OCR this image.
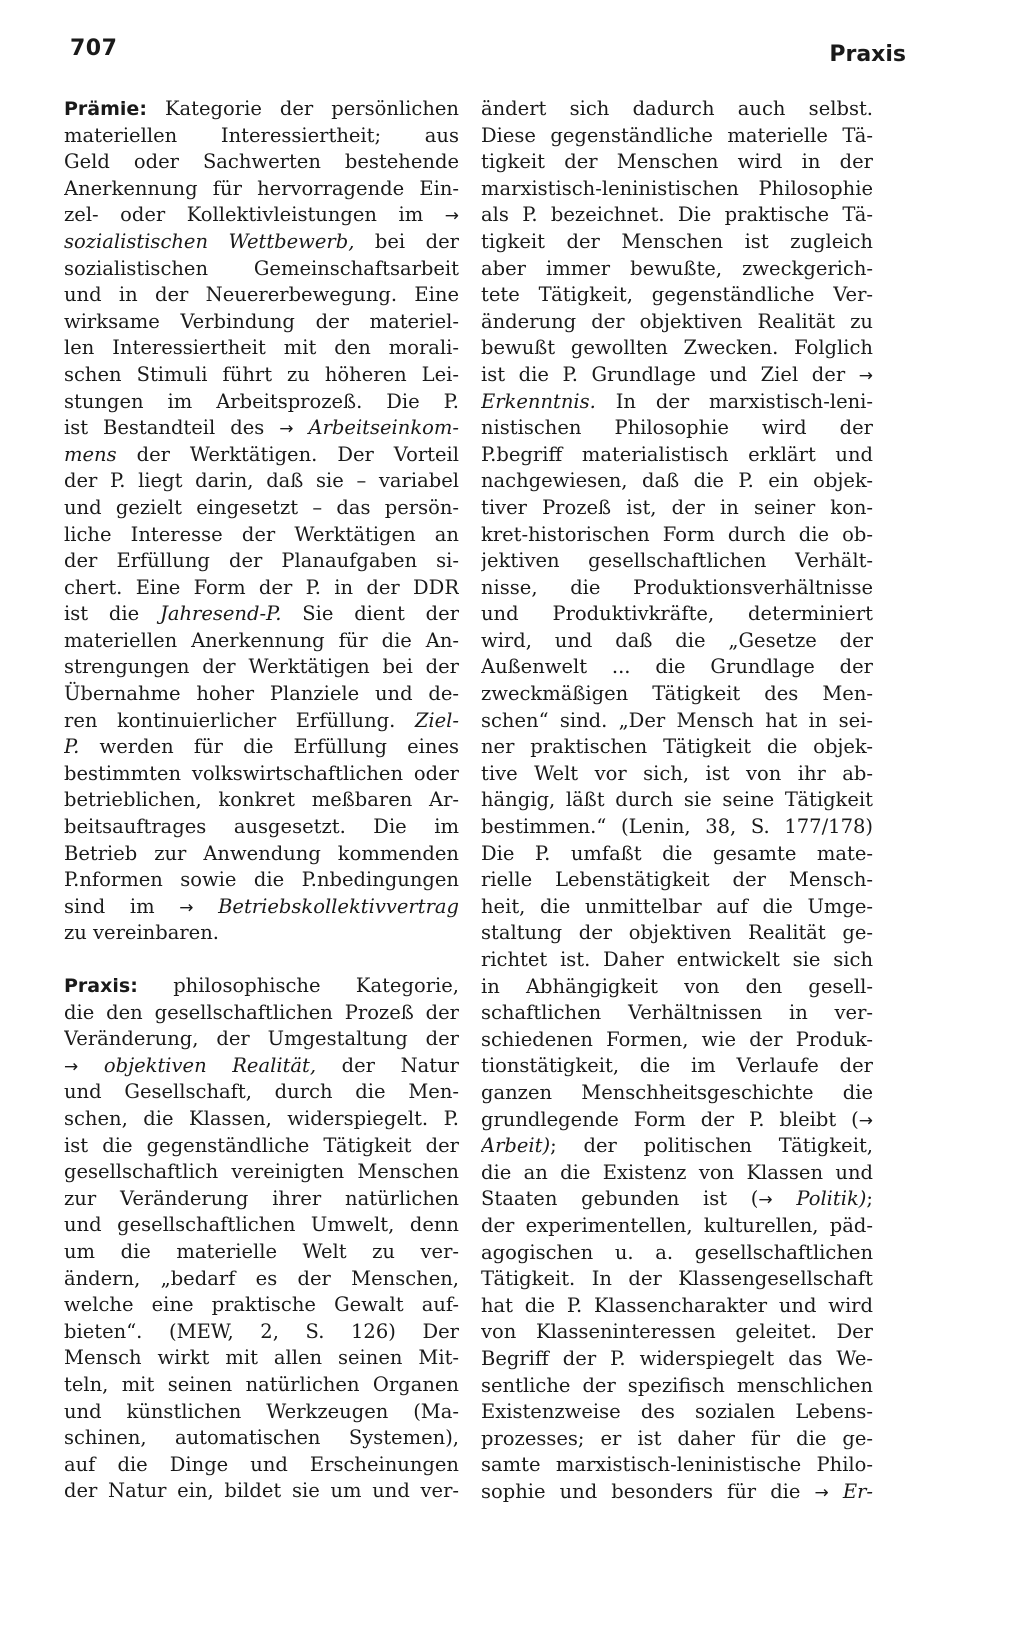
707	Praxis
Prämie: Kategorie der persönlichen
materiellen Interessiertheit; aus
Geld oder Sachwerten bestehende
Anerkennung für hervorragende Ein-
zel- oder Kollektivleistungen im →
sozialistischen Wettbewerb, bei der
sozialistischen Gemeinschaftsarbeit
und in der Neuererbewegung. Eine
wirksame Verbindung der materiel-
len Interessiertheit mit den morali-
schen Stimuli führt zu höheren Lei-
stungen im Arbeitsprozeß. Die P.
ist Bestandteil des → Arbeitseinkom-
mens der Werktätigen. Der Vorteil
der P. liegt darin, daß sie – variabel
und gezielt eingesetzt – das persön-
liche Interesse der Werktätigen an
der Erfüllung der Planaufgaben si-
chert. Eine Form der P. in der DDR
ist die Jahresend-P. Sie dient der
materiellen Anerkennung für die An-
strengungen der Werktätigen bei der
Übernahme hoher Planziele und de-
ren kontinuierlicher Erfüllung. Ziel-
P. werden für die Erfüllung eines
bestimmten volkswirtschaftlichen oder
betrieblichen, konkret meßbaren Ar-
beitsauftrages ausgesetzt. Die im
Betrieb zur Anwendung kommenden
P.nformen sowie die P.nbedingungen
sind im → Betriebskollektivvertrag
zu vereinbaren.
Praxis: philosophische Kategorie,
die den gesellschaftlichen Prozeß der
Veränderung, der Umgestaltung der
→ objektiven Realität, der Natur
und Gesellschaft, durch die Men-
schen, die Klassen, widerspiegelt. P.
ist die gegenständliche Tätigkeit der
gesellschaftlich vereinigten Menschen
zur Veränderung ihrer natürlichen
und gesellschaftlichen Umwelt, denn
um die materielle Welt zu ver-
ändern, „bedarf es der Menschen,
welche eine praktische Gewalt auf-
bieten“. (MEW, 2, S. 126) Der
Mensch wirkt mit allen seinen Mit-
teln, mit seinen natürlichen Organen
und künstlichen Werkzeugen (Ma-
schinen, automatischen Systemen),
auf die Dinge und Erscheinungen
der Natur ein, bildet sie um und ver-
ändert sich dadurch auch selbst.
Diese gegenständliche materielle Tä-
tigkeit der Menschen wird in der
marxistisch-leninistischen Philosophie
als P. bezeichnet. Die praktische Tä-
tigkeit der Menschen ist zugleich
aber immer bewußte, zweckgerich-
tete Tätigkeit, gegenständliche Ver-
änderung der objektiven Realität zu
bewußt gewollten Zwecken. Folglich
ist die P. Grundlage und Ziel der →
Erkenntnis. In der marxistisch-leni-
nistischen Philosophie wird der
P.begriff materialistisch erklärt und
nachgewiesen, daß die P. ein objek-
tiver Prozeß ist, der in seiner kon-
kret-historischen Form durch die ob-
jektiven gesellschaftlichen Verhält-
nisse, die Produktionsverhältnisse
und Produktivkräfte, determiniert
wird, und daß die „Gesetze der
Außenwelt ... die Grundlage der
zweckmäßigen Tätigkeit des Men-
schen“ sind. „Der Mensch hat in sei-
ner praktischen Tätigkeit die objek-
tive Welt vor sich, ist von ihr ab-
hängig, läßt durch sie seine Tätigkeit
bestimmen.“ (Lenin, 38, S. 177/178)
Die P. umfaßt die gesamte mate-
rielle Lebenstätigkeit der Mensch-
heit, die unmittelbar auf die Umge-
staltung der objektiven Realität ge-
richtet ist. Daher entwickelt sie sich
in Abhängigkeit von den gesell-
schaftlichen Verhältnissen in ver-
schiedenen Formen, wie der Produk-
tionstätigkeit, die im Verlaufe der
ganzen Menschheitsgeschichte die
grundlegende Form der P. bleibt (→
Arbeit); der politischen Tätigkeit,
die an die Existenz von Klassen und
Staaten gebunden ist (→ Politik);
der experimentellen, kulturellen, päd-
agogischen u. a. gesellschaftlichen
Tätigkeit. In der Klassengesellschaft
hat die P. Klassencharakter und wird
von Klasseninteressen geleitet. Der
Begriff der P. widerspiegelt das We-
sentliche der spezifisch menschlichen
Existenzweise des sozialen Lebens-
prozesses; er ist daher für die ge-
samte marxistisch-leninistische Philo-
sophie und besonders für die → Er-
